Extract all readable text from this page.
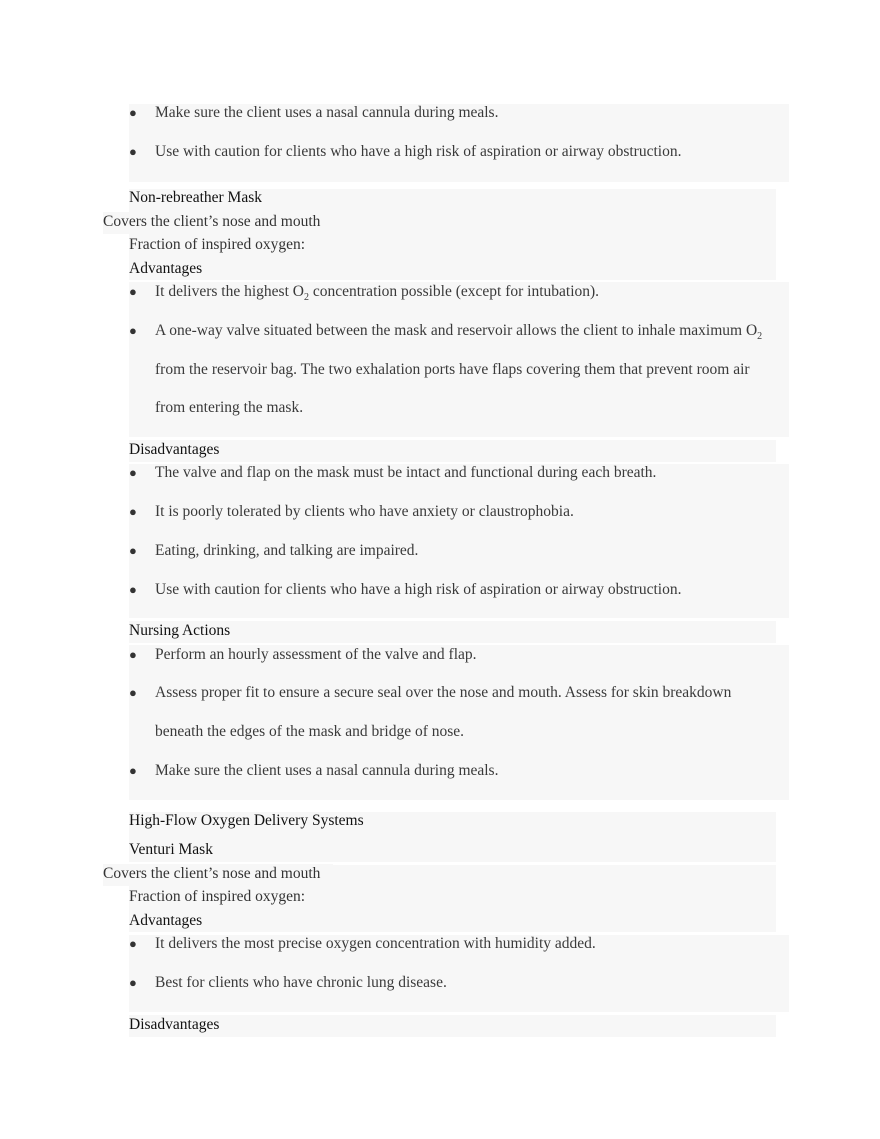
● Make sure the client uses a nasal cannula during meals.
● Use with caution for clients who have a high risk of aspiration or airway obstruction.
Non-rebreather Mask
Covers the client’s nose and mouth
Fraction of inspired oxygen:
Advantages
● It delivers the highest $O_2$ concentration possible (except for intubation).
● A one-way valve situated between the mask and reservoir allows the client to inhale maximum $O_2$
from the reservoir bag. The two exhalation ports have flaps covering them that prevent room air
from entering the mask.
Disadvantages
● The valve and flap on the mask must be intact and functional during each breath.
● It is poorly tolerated by clients who have anxiety or claustrophobia.
● Eating, drinking, and talking are impaired.
● Use with caution for clients who have a high risk of aspiration or airway obstruction.
Nursing Actions
● Perform an hourly assessment of the valve and flap.
● Assess proper fit to ensure a secure seal over the nose and mouth. Assess for skin breakdown
beneath the edges of the mask and bridge of nose.
● Make sure the client uses a nasal cannula during meals.
High-Flow Oxygen Delivery Systems
Venturi Mask
Covers the client’s nose and mouth
Fraction of inspired oxygen:
Advantages
● It delivers the most precise oxygen concentration with humidity added.
● Best for clients who have chronic lung disease.
Disadvantages
